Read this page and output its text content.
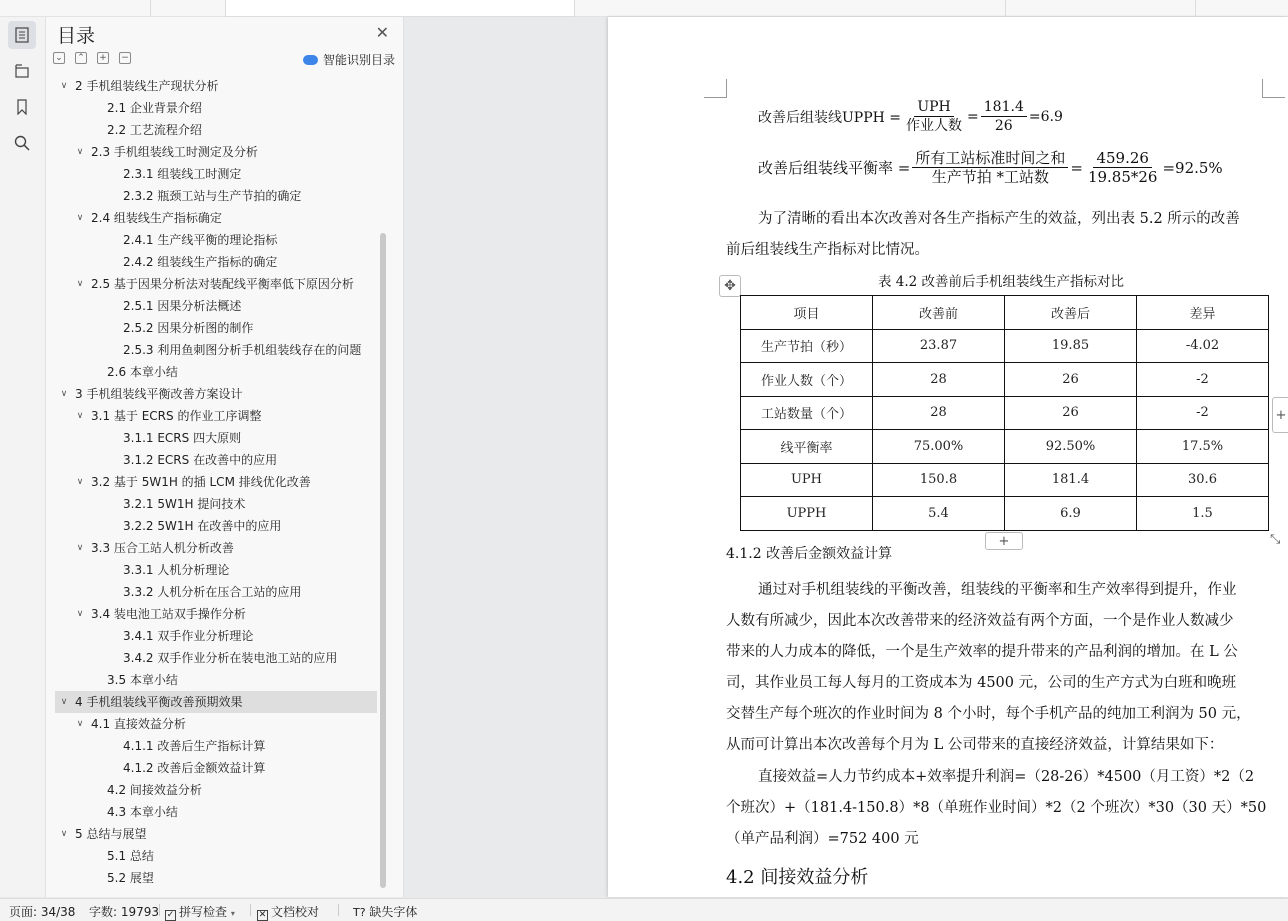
目录	✕
⌄ ⌃ + −	智能识别目录
∨ 2 手机组装线生产现状分析
2.1 企业背景介绍
2.2 工艺流程介绍
∨ 2.3 手机组装线工时测定及分析
2.3.1 组装线工时测定
2.3.2 瓶颈工站与生产节拍的确定
∨ 2.4 组装线生产指标确定
2.4.1 生产线平衡的理论指标
2.4.2 组装线生产指标的确定
∨ 2.5 基于因果分析法对装配线平衡率低下原因分析
2.5.1 因果分析法概述
2.5.2 因果分析图的制作
2.5.3 利用鱼刺图分析手机组装线存在的问题
2.6 本章小结
∨ 3 手机组装线平衡改善方案设计
∨ 3.1 基于 ECRS 的作业工序调整
3.1.1 ECRS 四大原则
3.1.2 ECRS 在改善中的应用
∨ 3.2 基于 5W1H 的插 LCM 排线优化改善
3.2.1 5W1H 提问技术
3.2.2 5W1H 在改善中的应用
∨ 3.3 压合工站人机分析改善
3.3.1 人机分析理论
3.3.2 人机分析在压合工站的应用
∨ 3.4 装电池工站双手操作分析
3.4.1 双手作业分析理论
3.4.2 双手作业分析在装电池工站的应用
3.5 本章小结
∨ 4 手机组装线平衡改善预期效果
∨ 4.1 直接效益分析
4.1.1 改善后生产指标计算
4.1.2 改善后金额效益计算
4.2 间接效益分析
4.3 本章小结
∨ 5 总结与展望
5.1 总结
5.2 展望
改善后组装线UPPH = $\frac{\text{UPH}}{\text{作业人数}} = \frac{181.4}{26} =6.9$
改善后组装线平衡率 = $\frac{\text{所有工站标准时间之和}}{\text{生产节拍 *工站数}} = \frac{459.26}{19.85*26} =92.5\%$
为了清晰的看出本次改善对各生产指标产生的效益，列出表 5.2 所示的改善
前后组装线生产指标对比情况。
表 4.2 改善前后手机组装线生产指标对比
✥
项目	改善前	改善后	差异
生产节拍（秒）	23.87	19.85	-4.02
作业人数（个）	28	26	-2
工站数量（个）	28	26	-2
线平衡率	75.00%	92.50%	17.5%
UPH	150.8	181.4	30.6
UPPH	5.4	6.9	1.5
+
+
⤡
4.1.2 改善后金额效益计算
4.2 间接效益分析
通过对手机组装线的平衡改善，组装线的平衡率和生产效率得到提升，作业
人数有所减少，因此本次改善带来的经济效益有两个方面，一个是作业人数减少
带来的人力成本的降低，一个是生产效率的提升带来的产品利润的增加。在 L 公
司，其作业员工每人每月的工资成本为 4500 元，公司的生产方式为白班和晚班
交替生产每个班次的作业时间为 8 个小时，每个手机产品的纯加工利润为 50 元，
从而可计算出本次改善每个月为 L 公司带来的直接经济效益，计算结果如下：
直接效益=人力节约成本+效率提升利润=（28-26）*4500（月工资）*2（2
个班次）+（181.4-150.8）*8（单班作业时间）*2（2 个班次）*30（30 天）*50
（单产品利润）=752 400 元
页面: 34/38 字数: 19793 ✓ 拼写检查 ▾	✕ 文档校对	T? 缺失字体
